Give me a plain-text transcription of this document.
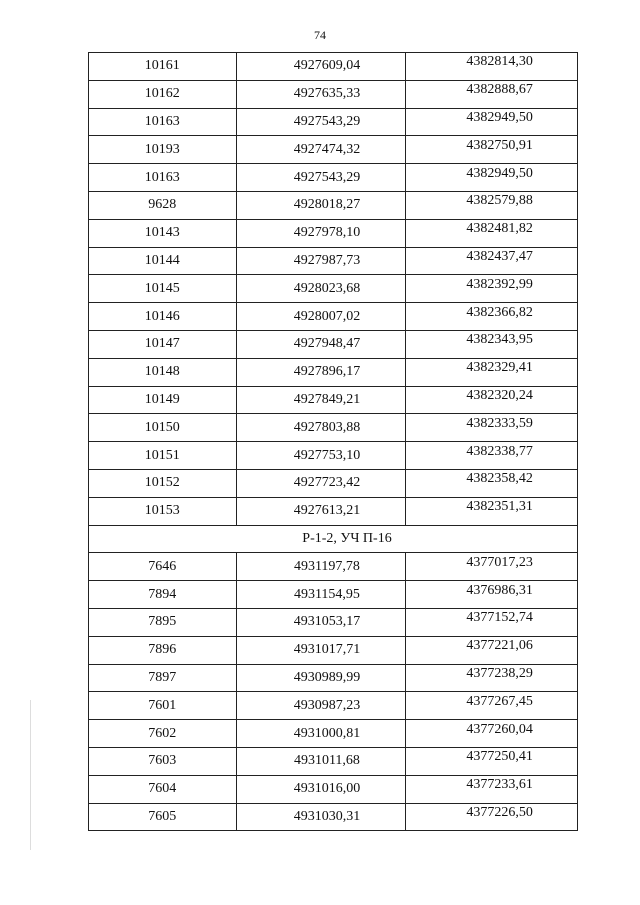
74
10161	4927609,04	4382814,30
10162	4927635,33	4382888,67
10163	4927543,29	4382949,50
10193	4927474,32	4382750,91
10163	4927543,29	4382949,50
9628	4928018,27	4382579,88
10143	4927978,10	4382481,82
10144	4927987,73	4382437,47
10145	4928023,68	4382392,99
10146	4928007,02	4382366,82
10147	4927948,47	4382343,95
10148	4927896,17	4382329,41
10149	4927849,21	4382320,24
10150	4927803,88	4382333,59
10151	4927753,10	4382338,77
10152	4927723,42	4382358,42
10153	4927613,21	4382351,31
Р-1-2, УЧ П-16		
7646	4931197,78	4377017,23
7894	4931154,95	4376986,31
7895	4931053,17	4377152,74
7896	4931017,71	4377221,06
7897	4930989,99	4377238,29
7601	4930987,23	4377267,45
7602	4931000,81	4377260,04
7603	4931011,68	4377250,41
7604	4931016,00	4377233,61
7605	4931030,31	4377226,50
